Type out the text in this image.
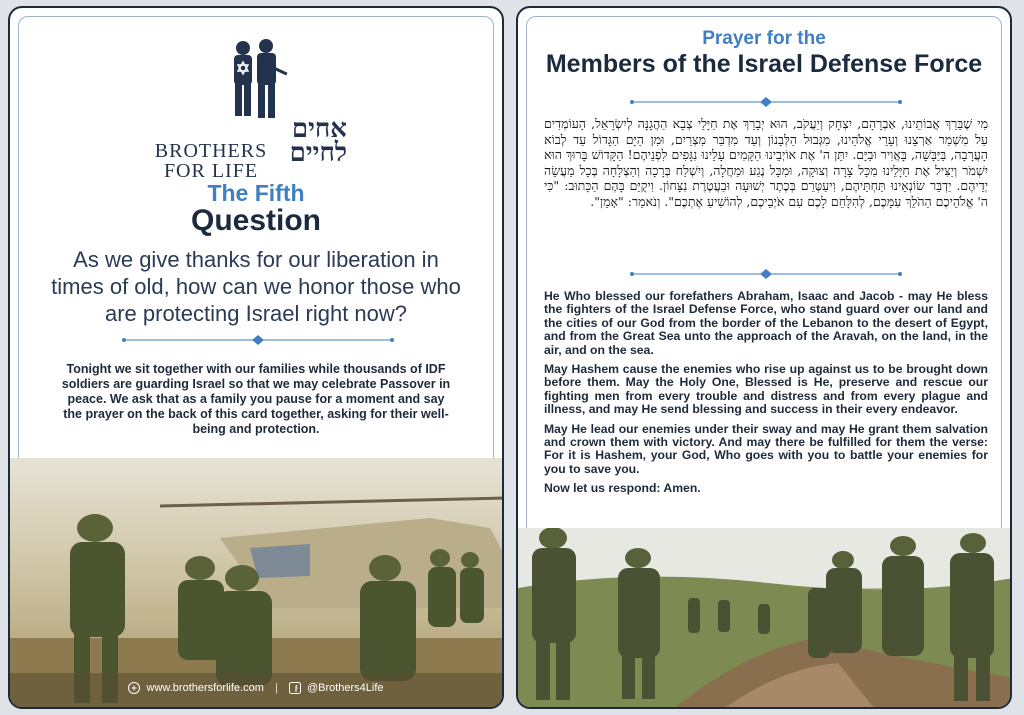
BROTHERS
FOR LIFE

אחים לחיים
The Fifth
Question
As we give thanks for our liberation in times of old, how can we honor those who are protecting Israel right now?
Tonight we sit together with our families while thousands of IDF soldiers are guarding Israel so that we may celebrate Passover in peace. We ask that as a family you pause for a moment and say the prayer on the back of this card together, asking for their well-being and protection.
www.brothersforlife.com |	@Brothers4Life
Prayer for the
Members of the Israel Defense Force
מִי שֶׁבֵּרַךְ אֲבוֹתֵינוּ, אַבְרָהָם, יִצְחָק וְיַעֲקֹב, הוּא יְבָרֵךְ אֶת חַיָּלֵי צְבָא הַהֲגָנָּה לְיִשְׂרָאֵל, הָעוֹמְדִים עַל מִשְׁמַר אַרְצֵנוּ וְעָרֵי אֱלֹהֵינוּ, מִגְּבוּל הַלְּבָנוֹן וְעַד מִדְבַּר מִצְרַיִם, וּמִן הַיָּם הַגָּדוֹל עַד לְבוֹא הָעֲרָבָה, בַּיַּבָּשָׁה, בָּאֲוִיר וּבַיָּם. יִתֵּן ה' אֶת אוֹיְבֵינוּ הַקָּמִים עָלֵינוּ נִגָּפִים לִפְנֵיהֶם! הַקָּדוֹשׁ בָּרוּךְ הוּא יִשְׁמֹר וְיַצִּיל אֶת חַיָּלֵינוּ מִכָּל צָרָה וְצוּקָה, וּמִכָּל נֶגַע וּמַחֲלָה, וְיִשְׁלַח בְּרָכָה וְהַצְלָחָה בְּכָל מַעֲשֵׂה יְדֵיהֶם. יַדְבֵּר שׂוֹנְאֵינוּ תַּחְתֵּיהֶם, וִיעַטְּרֵם בְּכֶתֶר יְשׁוּעָה וּבַעֲטֶרֶת נִצָּחוֹן. וִיקֻיַּם בָּהֶם הַכָּתוּב: "כִּי ה' אֱלֹהֵיכֶם הַהֹלֵךְ עִמָּכֶם, לְהִלָּחֵם לָכֶם עִם אֹיְבֵיכֶם, לְהוֹשִׁיעַ אֶתְכֶם". וְנֹאמַר: "אָמֵן".

He Who blessed our forefathers Abraham, Isaac and Jacob - may He bless the fighters of the Israel Defense Force, who stand guard over our land and the cities of our God from the border of the Lebanon to the desert of Egypt, and from the Great Sea unto the approach of the Aravah, on the land, in the air, and on the sea.

May Hashem cause the enemies who rise up against us to be brought down before them. May the Holy One, Blessed is He, preserve and rescue our fighting men from every trouble and distress and from every plague and illness, and may He send blessing and success in their every endeavor.

May He lead our enemies under their sway and may He grant them salvation and crown them with victory. And may there be fulfilled for them the verse: For it is Hashem, your God, Who goes with you to battle your enemies for you to save you.

Now let us respond: Amen.
